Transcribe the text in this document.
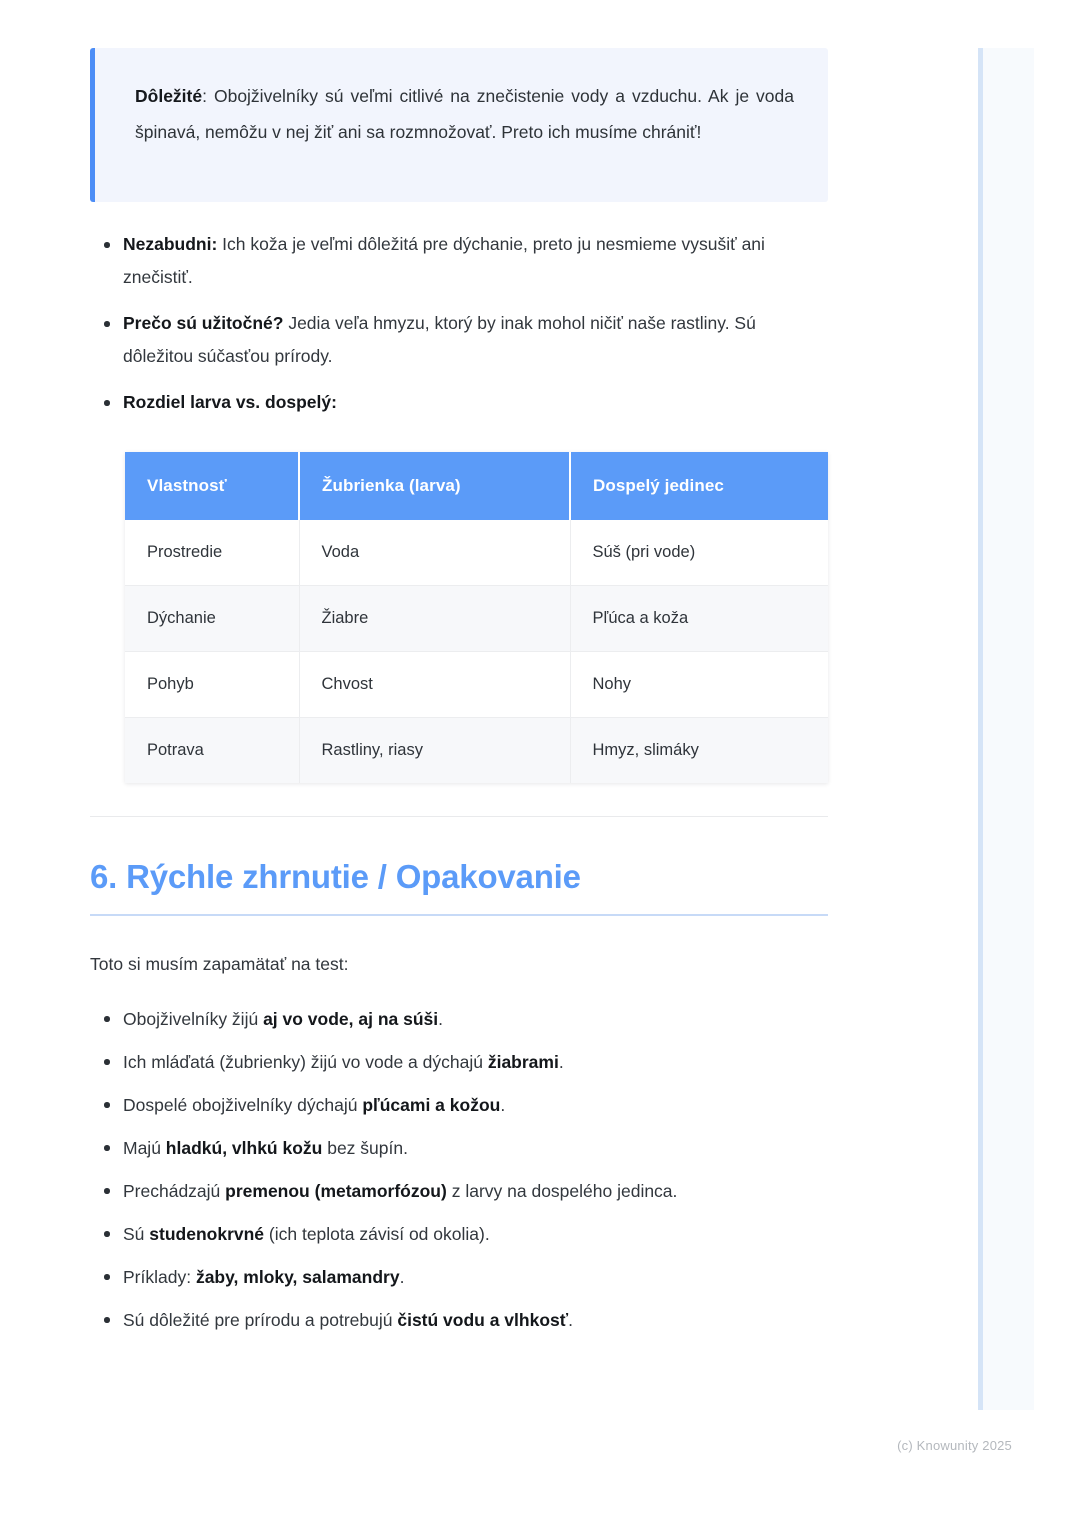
Dôležité: Obojživelníky sú veľmi citlivé na znečistenie vody a vzduchu. Ak je voda špinavá, nemôžu v nej žiť ani sa rozmnožovať. Preto ich musíme chrániť!

Nezabudni: Ich koža je veľmi dôležitá pre dýchanie, preto ju nesmieme vysušiť ani znečistiť.
Prečo sú užitočné? Jedia veľa hmyzu, ktorý by inak mohol ničiť naše rastliny. Sú dôležitou súčasťou prírody.
Rozdiel larva vs. dospelý:
Vlastnosť	Žubrienka (larva)	Dospelý jedinec
Prostredie	Voda	Súš (pri vode)
Dýchanie	Žiabre	Pľúca a koža
Pohyb	Chvost	Nohy
Potrava	Rastliny, riasy	Hmyz, slimáky
6. Rýchle zhrnutie / Opakovanie

Toto si musím zapamätať na test:

Obojživelníky žijú aj vo vode, aj na súši.
Ich mláďatá (žubrienky) žijú vo vode a dýchajú žiabrami.
Dospelé obojživelníky dýchajú pľúcami a kožou.
Majú hladkú, vlhkú kožu bez šupín.
Prechádzajú premenou (metamorfózou) z larvy na dospelého jedinca.
Sú studenokrvné (ich teplota závisí od okolia).
Príklady: žaby, mloky, salamandry.
Sú dôležité pre prírodu a potrebujú čistú vodu a vlhkosť.
(c) Knowunity 2025
